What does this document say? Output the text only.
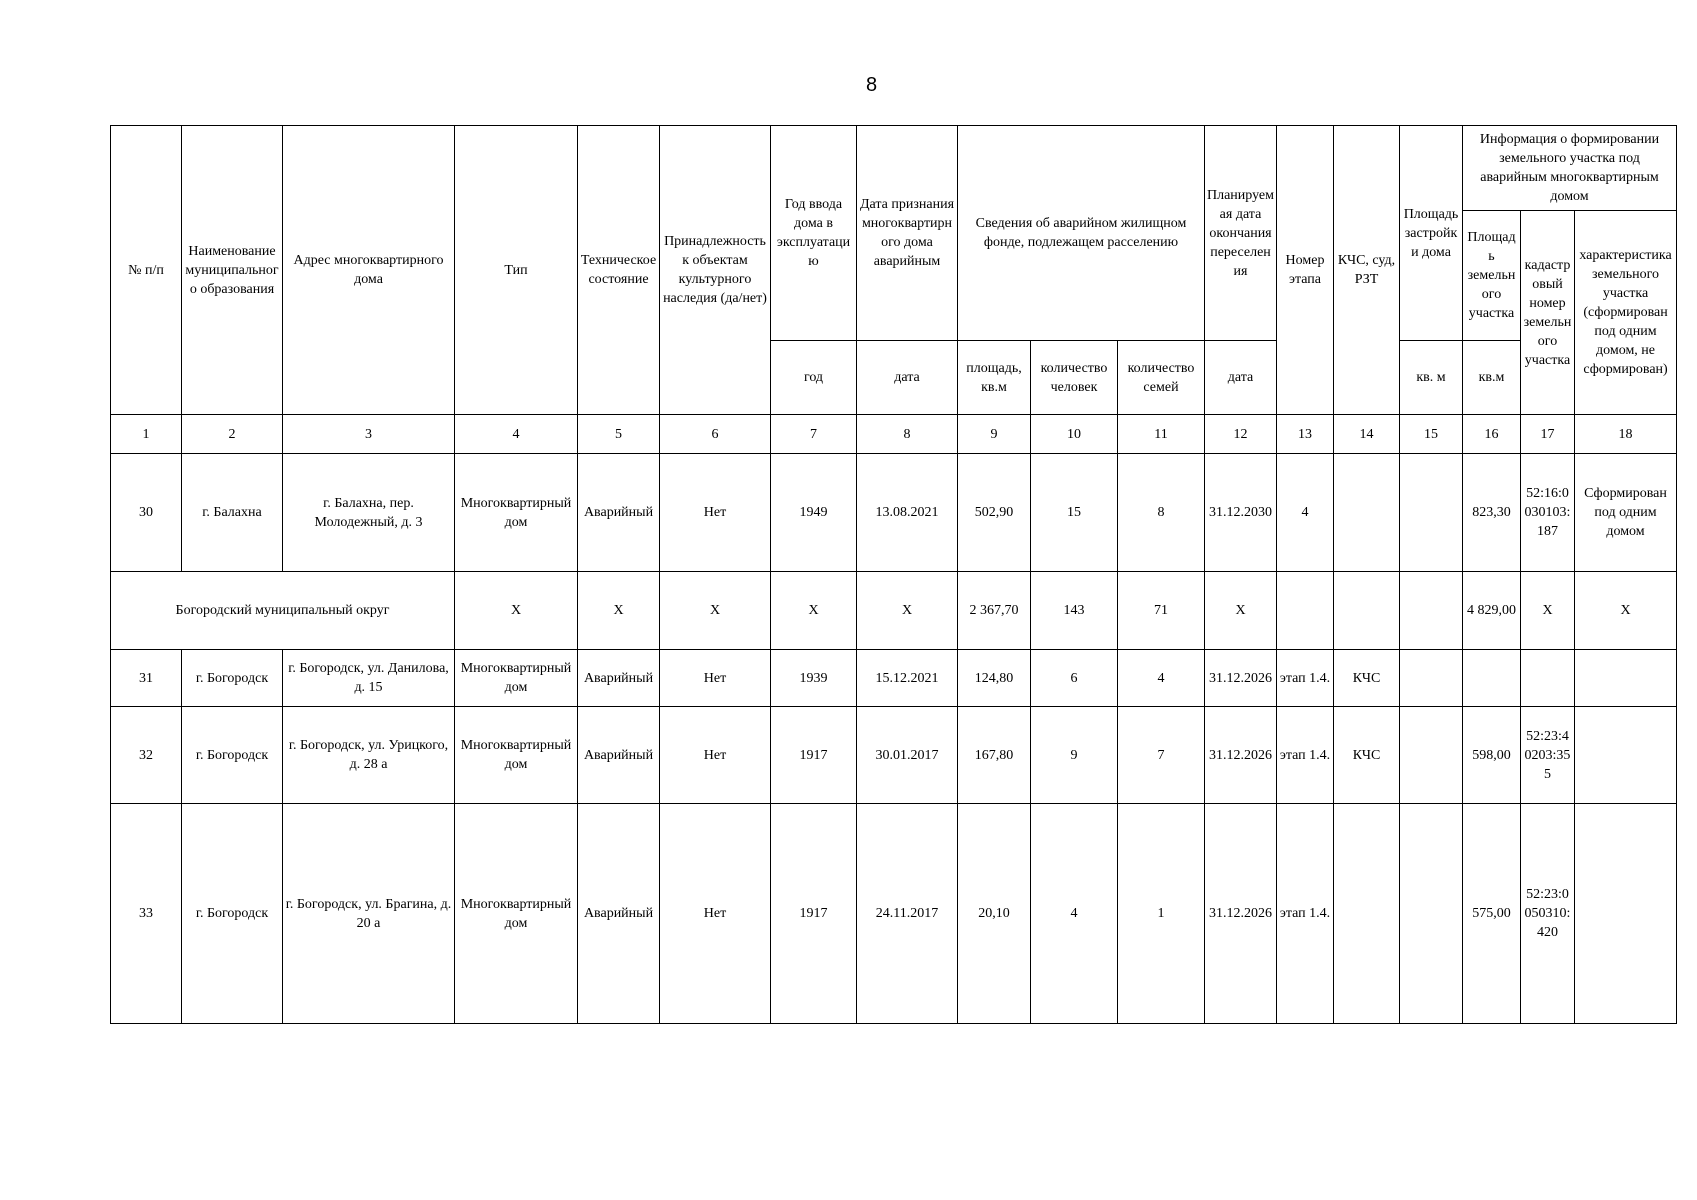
8
№ п/п	Наименование муниципального образования	Адрес многоквартирного дома	Тип	Техническое состояние	Принадлежность к объектам культурного наследия (да/нет)	Год ввода дома в эксплуатацию	Дата признания многоквартирного дома аварийным	Сведения об аварийном жилищном фонде, подлежащем расселению			Планируемая дата окончания переселения	Номер этапа	КЧС, суд, РЗТ	Площадь застройки дома	Информация о формировании земельного участка под аварийным многоквартирным домом		
															Площадь земельного участка	кадастровый номер земельного участка	характеристика земельного участка (сформирован под одним домом, не сформирован)
						год	дата	площадь, кв.м	количество человек	количество семей	дата			кв. м	кв.м		
1	2	3	4	5	6	7	8	9	10	11	12	13	14	15	16	17	18
30	г. Балахна	г. Балахна, пер. Молодежный, д. 3	Многоквартирный дом	Аварийный	Нет	1949	13.08.2021	502,90	15	8	31.12.2030	4			823,30	52:16:0030103:187	Сформирован под одним домом
Богородский муниципальный округ			Х	Х	Х	Х	Х	2 367,70	143	71	Х				4 829,00	Х	Х
31	г. Богородск	г. Богородск, ул. Данилова, д. 15	Многоквартирный дом	Аварийный	Нет	1939	15.12.2021	124,80	6	4	31.12.2026	этап 1.4.	КЧС				
32	г. Богородск	г. Богородск, ул. Урицкого, д. 28 а	Многоквартирный дом	Аварийный	Нет	1917	30.01.2017	167,80	9	7	31.12.2026	этап 1.4.	КЧС		598,00	52:23:40203:355	
33	г. Богородск	г. Богородск, ул. Брагина, д. 20 а	Многоквартирный дом	Аварийный	Нет	1917	24.11.2017	20,10	4	1	31.12.2026	этап 1.4.			575,00	52:23:0050310:420	
